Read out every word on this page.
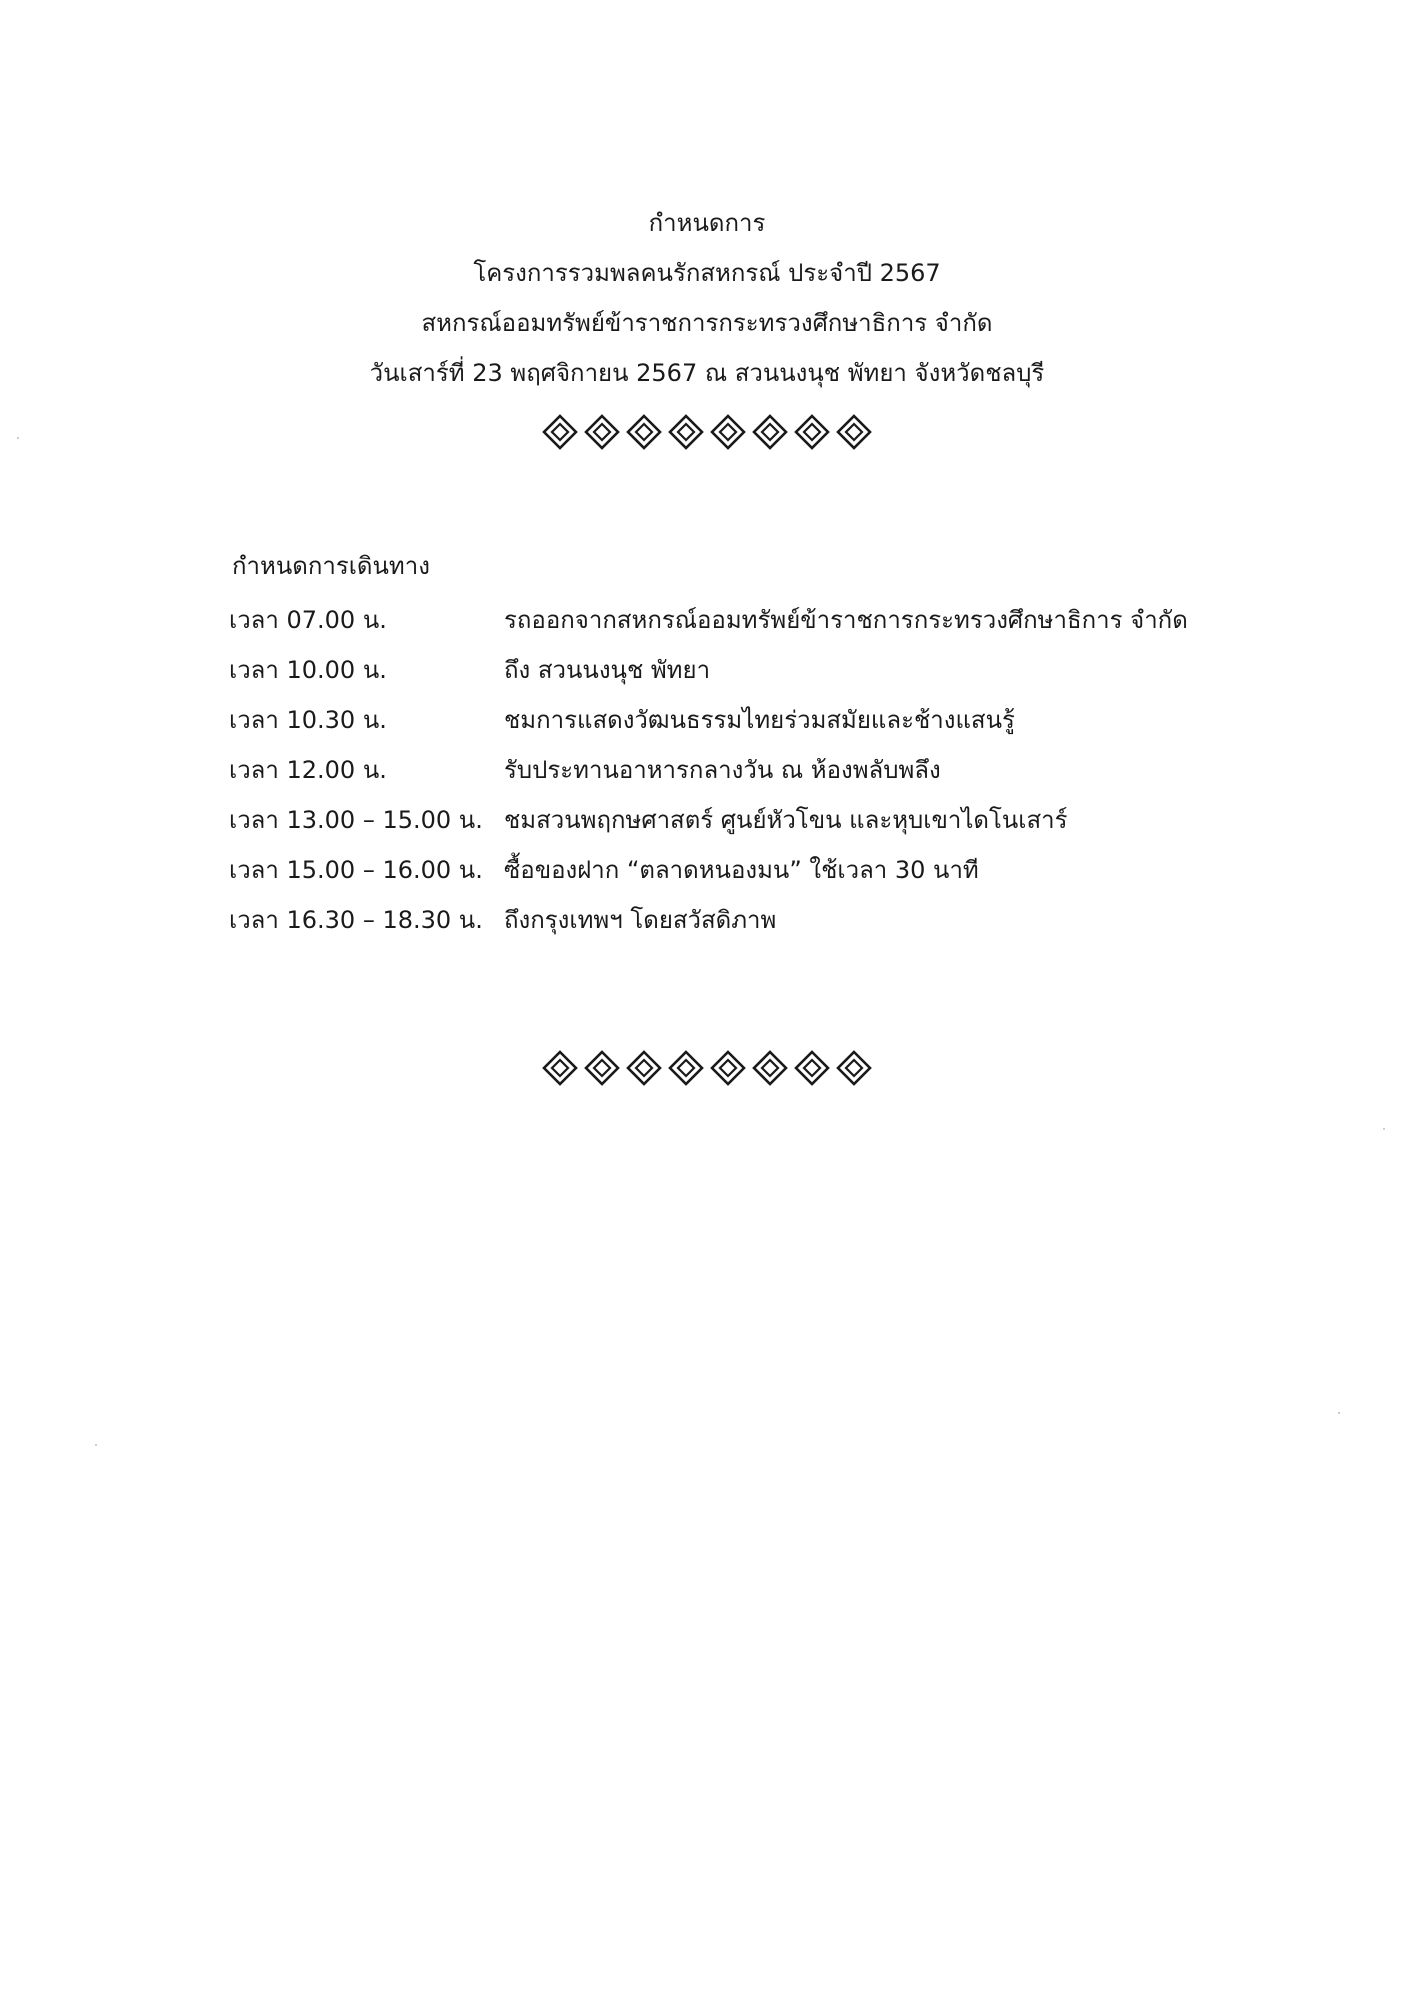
กำหนดการ
โครงการรวมพลคนรักสหกรณ์ ประจำปี 2567
สหกรณ์ออมทรัพย์ข้าราชการกระทรวงศึกษาธิการ จำกัด
วันเสาร์ที่ 23 พฤศจิกายน 2567 ณ สวนนงนุช พัทยา จังหวัดชลบุรี
กำหนดการเดินทาง
เวลา 07.00 น.	รถออกจากสหกรณ์ออมทรัพย์ข้าราชการกระทรวงศึกษาธิการ จำกัด
เวลา 10.00 น.	ถึง สวนนงนุช พัทยา
เวลา 10.30 น.	ชมการแสดงวัฒนธรรมไทยร่วมสมัยและช้างแสนรู้
เวลา 12.00 น.	รับประทานอาหารกลางวัน ณ ห้องพลับพลึง
เวลา 13.00 – 15.00 น. ชมสวนพฤกษศาสตร์ ศูนย์หัวโขน และหุบเขาไดโนเสาร์
เวลา 15.00 – 16.00 น. ซื้อของฝาก “ตลาดหนองมน” ใช้เวลา 30 นาที
เวลา 16.30 – 18.30 น. ถึงกรุงเทพฯ โดยสวัสดิภาพ
